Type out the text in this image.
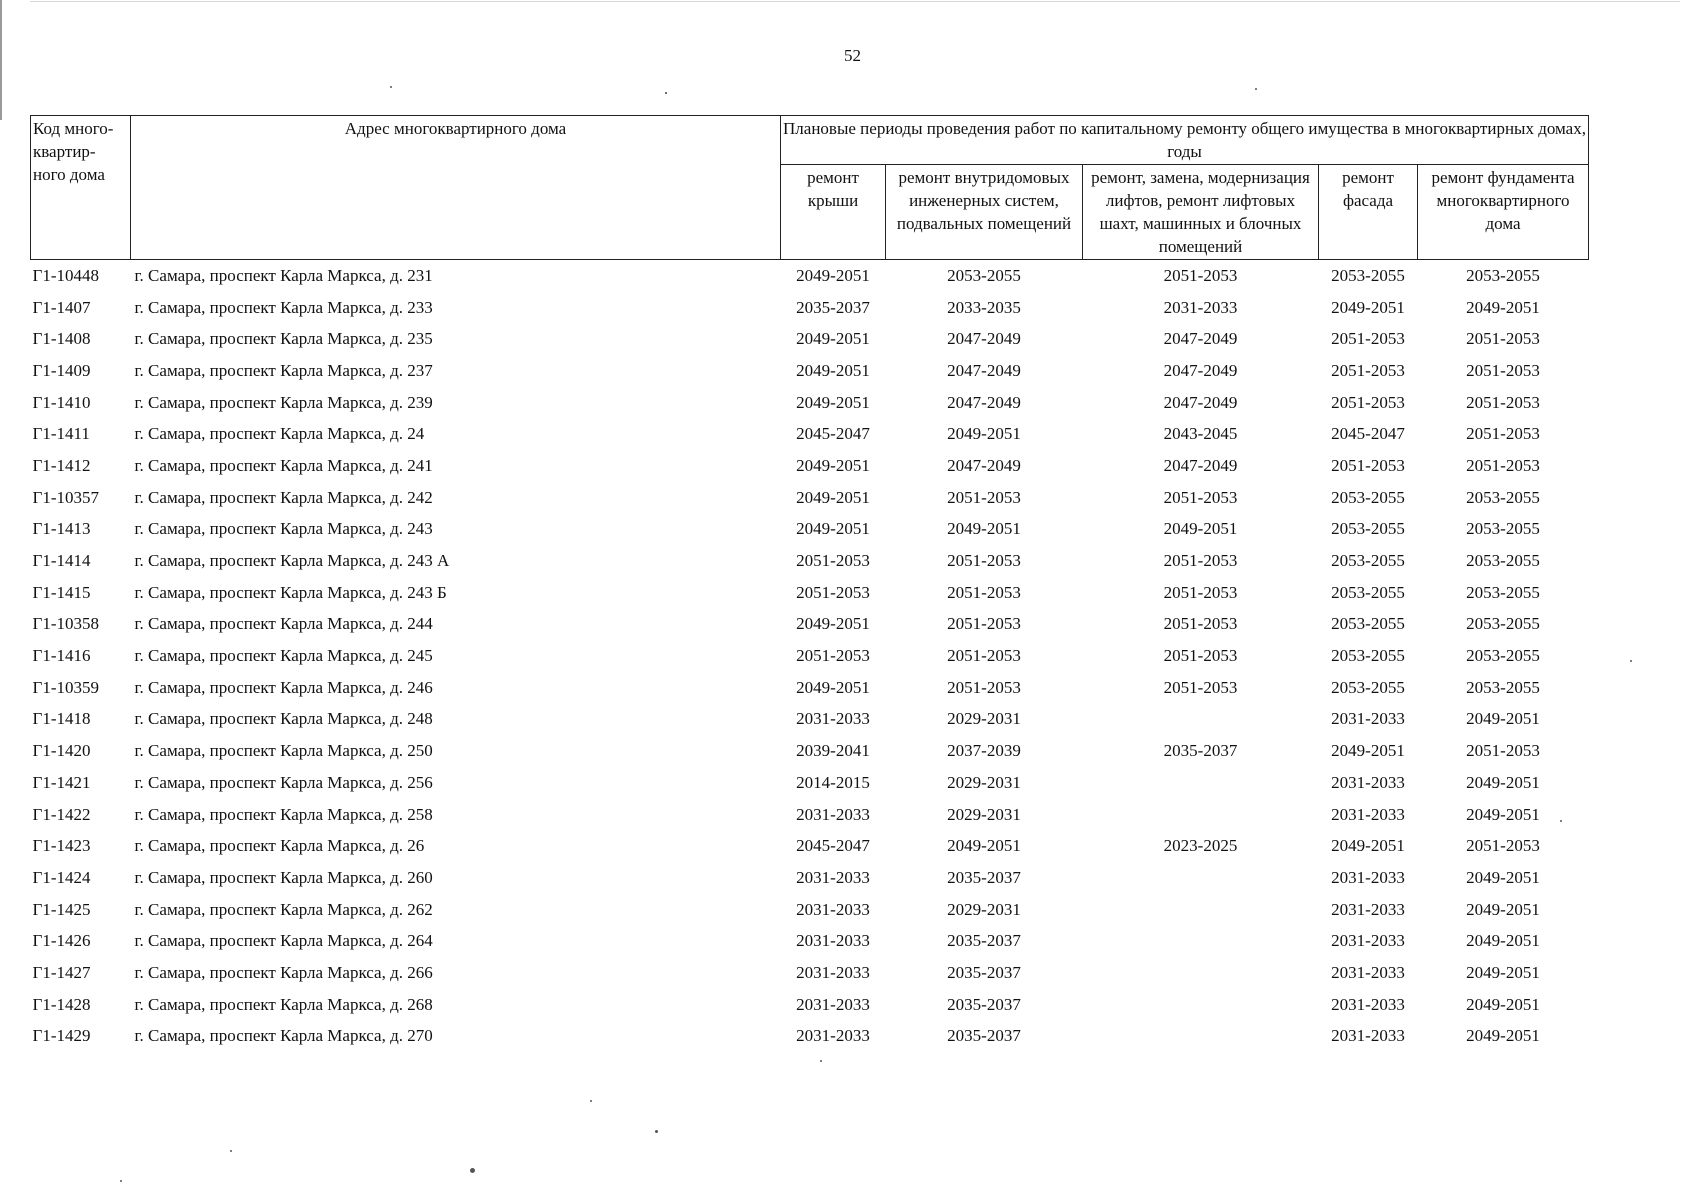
52
Код много-квартир-ного дома	Адрес многоквартирного дома	Плановые периоды проведения работ по капитальному ремонту общего имущества в многоквартирных домах, годы				
		ремонт крыши	ремонт внутридомовых инженерных систем, подвальных помещений	ремонт, замена, модернизация лифтов, ремонт лифтовых шахт, машинных и блочных помещений	ремонт фасада	ремонт фундамента многоквартирного дома
Г1-10448	г. Самара, проспект Карла Маркса, д. 231	2049-2051	2053-2055	2051-2053	2053-2055	2053-2055
Г1-1407	г. Самара, проспект Карла Маркса, д. 233	2035-2037	2033-2035	2031-2033	2049-2051	2049-2051
Г1-1408	г. Самара, проспект Карла Маркса, д. 235	2049-2051	2047-2049	2047-2049	2051-2053	2051-2053
Г1-1409	г. Самара, проспект Карла Маркса, д. 237	2049-2051	2047-2049	2047-2049	2051-2053	2051-2053
Г1-1410	г. Самара, проспект Карла Маркса, д. 239	2049-2051	2047-2049	2047-2049	2051-2053	2051-2053
Г1-1411	г. Самара, проспект Карла Маркса, д. 24	2045-2047	2049-2051	2043-2045	2045-2047	2051-2053
Г1-1412	г. Самара, проспект Карла Маркса, д. 241	2049-2051	2047-2049	2047-2049	2051-2053	2051-2053
Г1-10357	г. Самара, проспект Карла Маркса, д. 242	2049-2051	2051-2053	2051-2053	2053-2055	2053-2055
Г1-1413	г. Самара, проспект Карла Маркса, д. 243	2049-2051	2049-2051	2049-2051	2053-2055	2053-2055
Г1-1414	г. Самара, проспект Карла Маркса, д. 243 А	2051-2053	2051-2053	2051-2053	2053-2055	2053-2055
Г1-1415	г. Самара, проспект Карла Маркса, д. 243 Б	2051-2053	2051-2053	2051-2053	2053-2055	2053-2055
Г1-10358	г. Самара, проспект Карла Маркса, д. 244	2049-2051	2051-2053	2051-2053	2053-2055	2053-2055
Г1-1416	г. Самара, проспект Карла Маркса, д. 245	2051-2053	2051-2053	2051-2053	2053-2055	2053-2055
Г1-10359	г. Самара, проспект Карла Маркса, д. 246	2049-2051	2051-2053	2051-2053	2053-2055	2053-2055
Г1-1418	г. Самара, проспект Карла Маркса, д. 248	2031-2033	2029-2031		2031-2033	2049-2051
Г1-1420	г. Самара, проспект Карла Маркса, д. 250	2039-2041	2037-2039	2035-2037	2049-2051	2051-2053
Г1-1421	г. Самара, проспект Карла Маркса, д. 256	2014-2015	2029-2031		2031-2033	2049-2051
Г1-1422	г. Самара, проспект Карла Маркса, д. 258	2031-2033	2029-2031		2031-2033	2049-2051
Г1-1423	г. Самара, проспект Карла Маркса, д. 26	2045-2047	2049-2051	2023-2025	2049-2051	2051-2053
Г1-1424	г. Самара, проспект Карла Маркса, д. 260	2031-2033	2035-2037		2031-2033	2049-2051
Г1-1425	г. Самара, проспект Карла Маркса, д. 262	2031-2033	2029-2031		2031-2033	2049-2051
Г1-1426	г. Самара, проспект Карла Маркса, д. 264	2031-2033	2035-2037		2031-2033	2049-2051
Г1-1427	г. Самара, проспект Карла Маркса, д. 266	2031-2033	2035-2037		2031-2033	2049-2051
Г1-1428	г. Самара, проспект Карла Маркса, д. 268	2031-2033	2035-2037		2031-2033	2049-2051
Г1-1429	г. Самара, проспект Карла Маркса, д. 270	2031-2033	2035-2037		2031-2033	2049-2051
